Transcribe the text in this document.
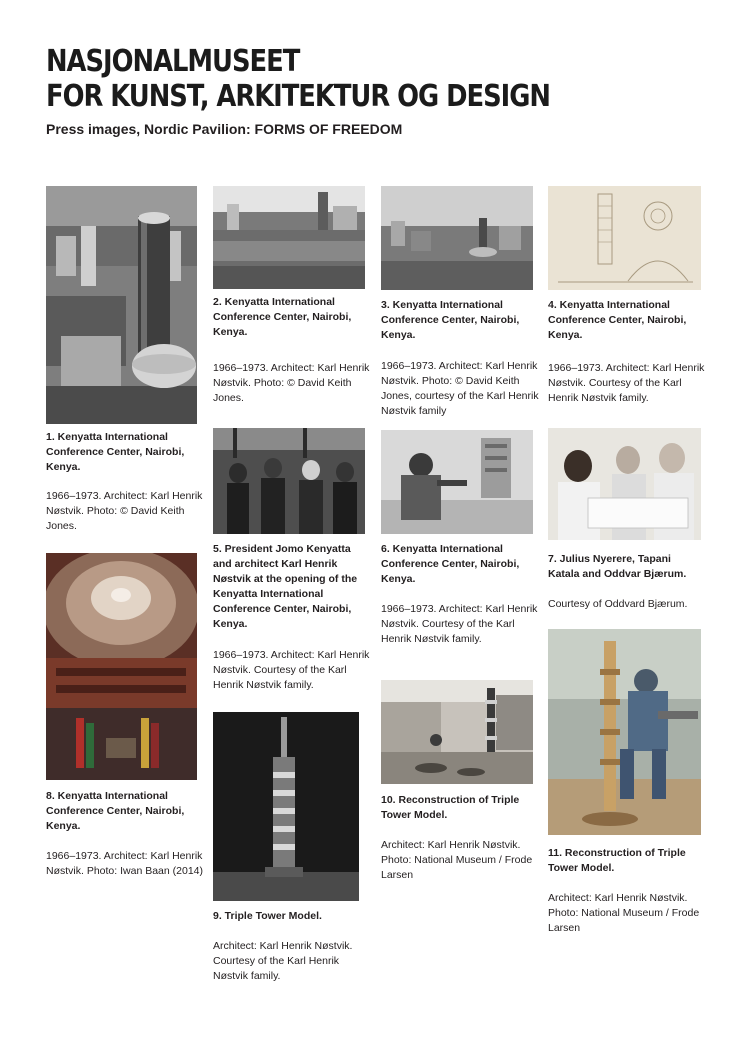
NASJONALMUSEET
FOR KUNST, ARKITEKTUR OG DESIGN

Press images, Nordic Pavilion: FORMS OF FREEDOM

1. Kenyatta International Conference Center, Nairobi, Kenya.

1966–1973. Architect: Karl Henrik Nøstvik. Photo: © David Keith Jones.

8. Kenyatta International Conference Center, Nairobi, Kenya.

1966–1973. Architect: Karl Henrik Nøstvik. Photo: Iwan Baan (2014)

2. Kenyatta International Conference Center, Nairobi, Kenya.

1966–1973. Architect: Karl Henrik Nøstvik. Photo: © David Keith Jones.

5. President Jomo Kenyatta and architect Karl Henrik Nøstvik at the opening of the Kenyatta International Conference Center, Nairobi, Kenya.

1966–1973. Architect: Karl Henrik Nøstvik. Courtesy of the Karl Henrik Nøstvik family.

9. Triple Tower Model.

Architect: Karl Henrik Nøstvik. Courtesy of the Karl Henrik Nøstvik family.

3. Kenyatta International Conference Center, Nairobi, Kenya.

1966–1973. Architect: Karl Henrik Nøstvik. Photo: © David Keith Jones, courtesy of the Karl Henrik Nøstvik family

6. Kenyatta International Conference Center, Nairobi, Kenya.

1966–1973. Architect: Karl Henrik Nøstvik. Courtesy of the Karl Henrik Nøstvik family.

10. Reconstruction of Triple Tower Model.

Architect: Karl Henrik Nøstvik. Photo: National Museum / Frode Larsen

4. Kenyatta International Conference Center, Nairobi, Kenya.

1966–1973. Architect: Karl Henrik Nøstvik. Courtesy of the Karl Henrik Nøstvik family.

7. Julius Nyerere, Tapani Katala and Oddvar Bjærum.

Courtesy of Oddvard Bjærum.

11. Reconstruction of Triple Tower Model.

Architect: Karl Henrik Nøstvik. Photo: National Museum / Frode Larsen
